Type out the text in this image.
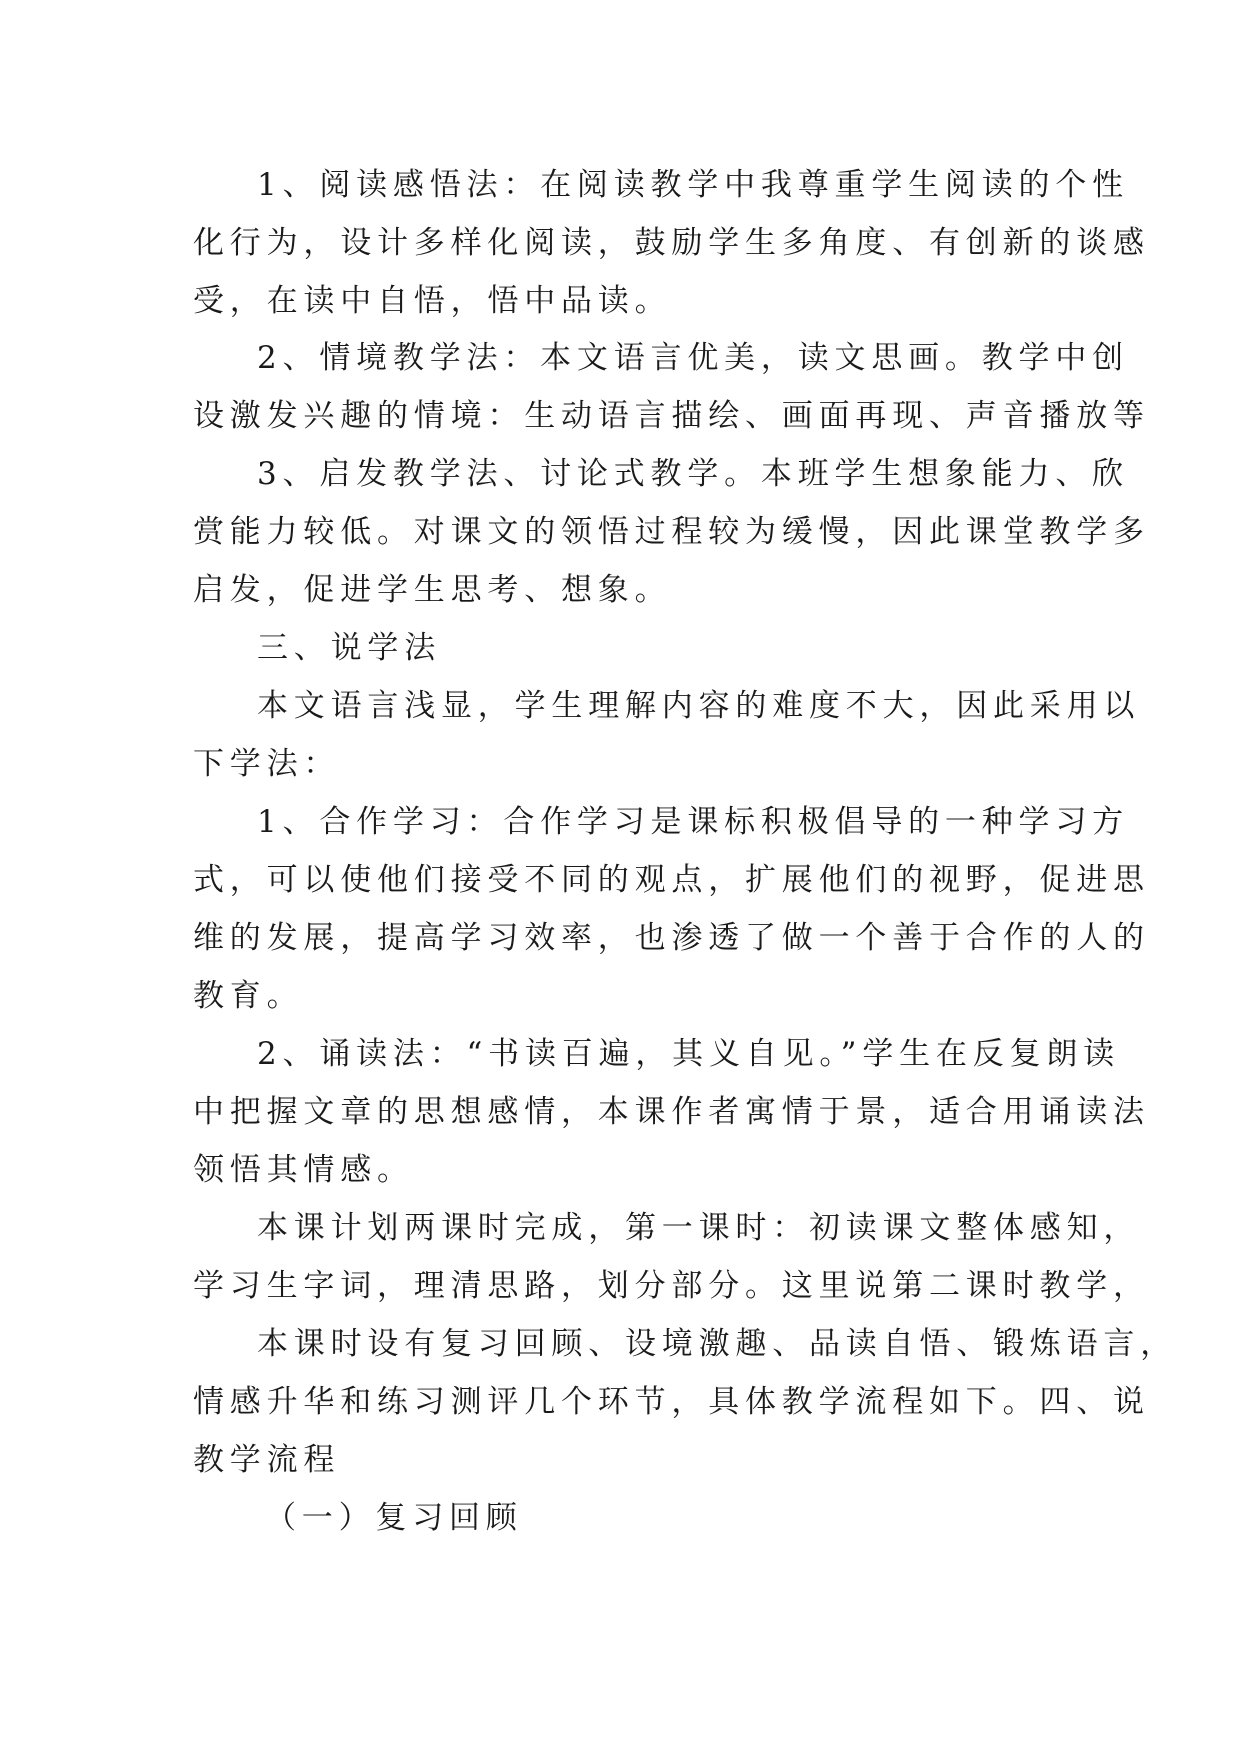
1、阅读感悟法：在阅读教学中我尊重学生阅读的个性
化行为，设计多样化阅读，鼓励学生多角度、有创新的谈感
受，在读中自悟，悟中品读。
2、情境教学法：本文语言优美，读文思画。教学中创
设激发兴趣的情境：生动语言描绘、画面再现、声音播放等
3、启发教学法、讨论式教学。本班学生想象能力、欣
赏能力较低。对课文的领悟过程较为缓慢，因此课堂教学多
启发，促进学生思考、想象。
三、说学法
本文语言浅显，学生理解内容的难度不大，因此采用以
下学法：
1、合作学习：合作学习是课标积极倡导的一种学习方
式，可以使他们接受不同的观点，扩展他们的视野，促进思
维的发展，提高学习效率，也渗透了做一个善于合作的人的
教育。
2、诵读法：“书读百遍，其义自见。”学生在反复朗读
中把握文章的思想感情，本课作者寓情于景，适合用诵读法
领悟其情感。
本课计划两课时完成，第一课时：初读课文整体感知，
学习生字词，理清思路，划分部分。这里说第二课时教学，
本课时设有复习回顾、设境激趣、品读自悟、锻炼语言，
情感升华和练习测评几个环节，具体教学流程如下。四、说
教学流程
（一）复习回顾
